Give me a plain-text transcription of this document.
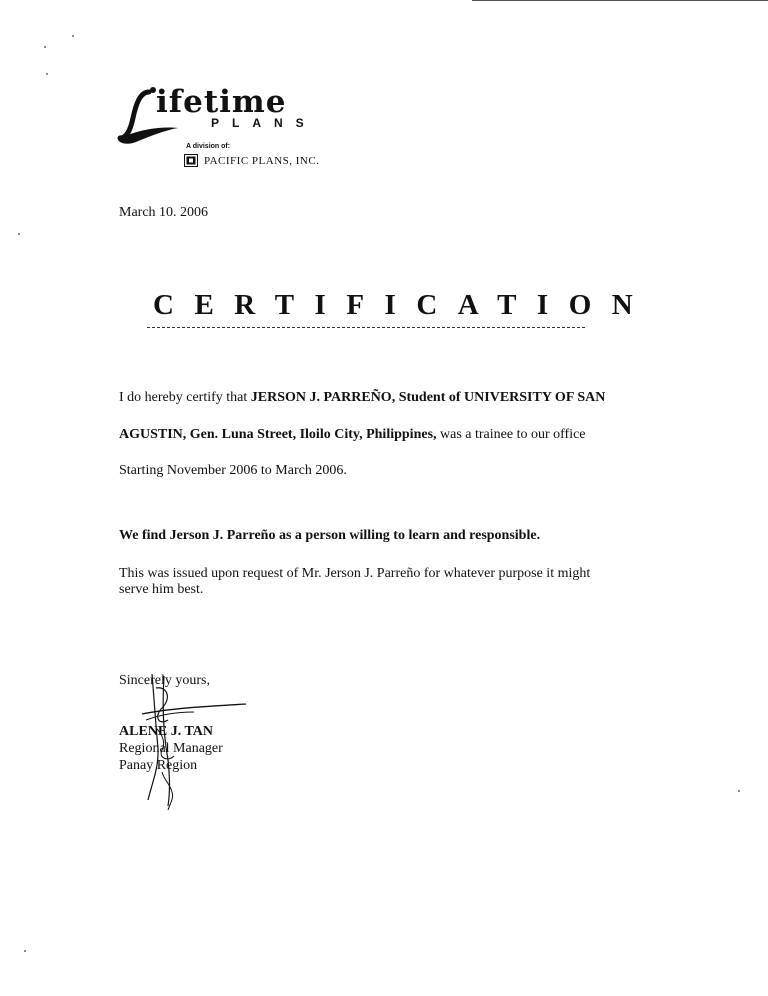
ifetime
PLANS
A division of:
PACIFIC PLANS, INC.
March 10. 2006
CERTIFICATION
I do hereby certify that JERSON J. PARREÑO, Student of UNIVERSITY OF SAN
AGUSTIN, Gen. Luna Street, Iloilo City, Philippines, was a trainee to our office
Starting November 2006 to March 2006.
We find Jerson J. Parreño as a person willing to learn and responsible.
This was issued upon request of Mr. Jerson J. Parreño for whatever purpose it might
serve him best.
Sincerely yours,
ALENE J. TAN
Regional Manager
Panay Region
